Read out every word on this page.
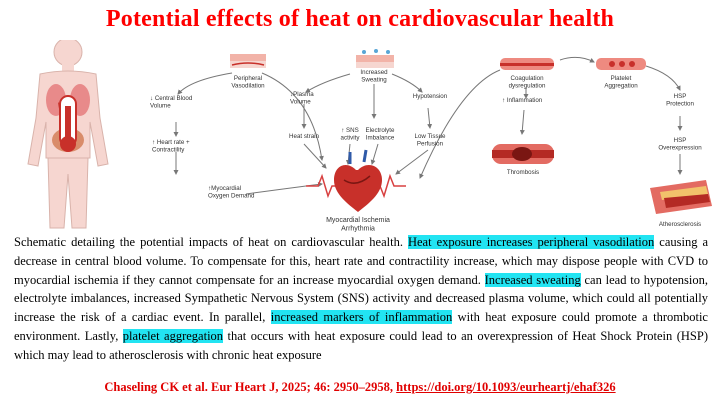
Potential effects of heat on cardiovascular health
Peripheral Vasodilation
↓ Central Blood Volume
↑ Heart rate + Contractility
↑Myocardial Oxygen Demand
Increased Sweating
↓Plasma Volume
Heat strain
↑ SNS activity
Electrolyte Imbalance
Hypotension
Low Tissue Perfusion
Myocardial Ischemia Arrhythmia
Coagulation dysregulation
↑ Inflammation
Thrombosis
Platelet Aggregation
HSP Protection
HSP Overexpression
Atherosclerosis
Schematic detailing the potential impacts of heat on cardiovascular health. Heat exposure increases peripheral vasodilation causing a decrease in central blood volume. To compensate for this, heart rate and contractility increase, which may dispose people with CVD to myocardial ischemia if they cannot compensate for an increase myocardial oxygen demand. Increased sweating can lead to hypotension, electrolyte imbalances, increased Sympathetic Nervous System (SNS) activity and decreased plasma volume, which could all potentially increase the risk of a cardiac event. In parallel, increased markers of inflammation with heat exposure could promote a thrombotic environment. Lastly, platelet aggregation that occurs with heat exposure could lead to an overexpression of Heat Shock Protein (HSP) which may lead to atherosclerosis with chronic heat exposure
Chaseling CK et al. Eur Heart J, 2025; 46: 2950–2958, https://doi.org/10.1093/eurheartj/ehaf326
